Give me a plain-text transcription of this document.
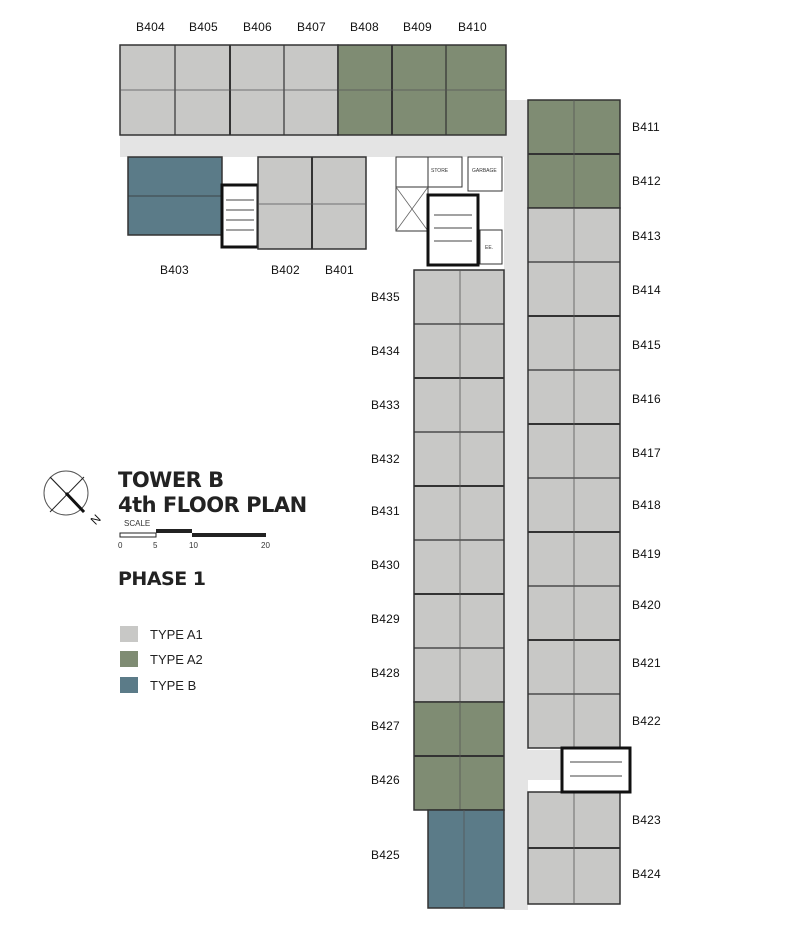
N
STORE	GARBAGE
EE.
B404 B405 B406 B407 B408 B409 B410
B403	B402 B401
B411
B412
B413
B414
B415
B416
B417
B418
B419
B420
B421
B422
B423
B424
B435
B434
B433
B432
B431
B430
B429
B428
B427
B426
B425
TOWER B
4th FLOOR PLAN
SCALE
0	5	10	20
PHASE 1
TYPE A1
TYPE A2
TYPE B
